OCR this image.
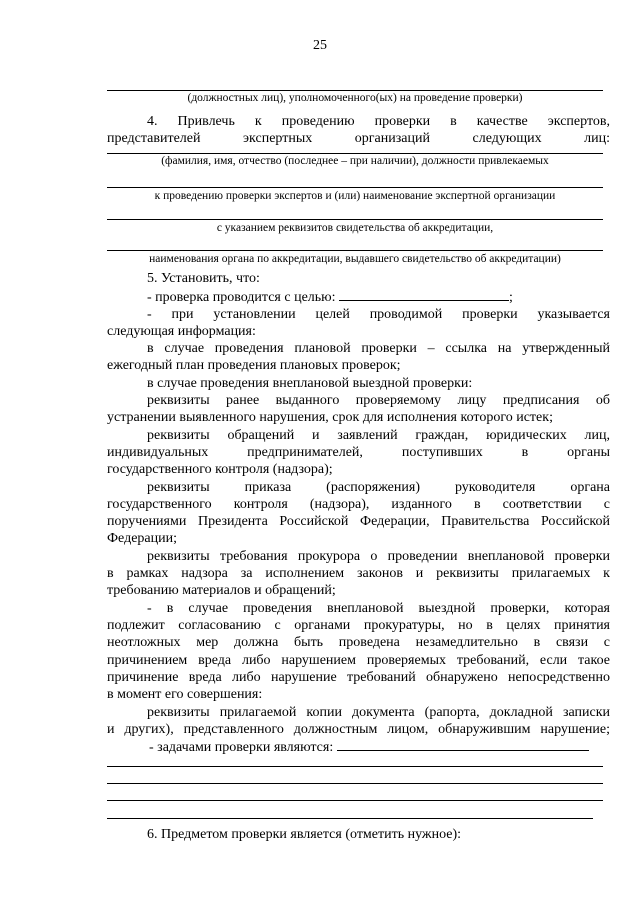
25
(должностных лиц), уполномоченного(ых) на проведение проверки)
4. Привлечь к проведению проверки в качестве экспертов,
представителей экспертных организаций следующих лиц:
(фамилия, имя, отчество (последнее – при наличии), должности привлекаемых
к проведению проверки экспертов и (или) наименование экспертной организации
с указанием реквизитов свидетельства об аккредитации,
наименования органа по аккредитации, выдавшего свидетельство об аккредитации)
5. Установить, что:
- проверка проводится с целью:	;
- при установлении целей проводимой проверки указывается
следующая информация:
в случае проведения плановой проверки – ссылка на утвержденный
ежегодный план проведения плановых проверок;
в случае проведения внеплановой выездной проверки:
реквизиты ранее выданного проверяемому лицу предписания об
устранении выявленного нарушения, срок для исполнения которого истек;
реквизиты обращений и заявлений граждан, юридических лиц,
индивидуальных предпринимателей, поступивших в органы
государственного контроля (надзора);
реквизиты приказа (распоряжения) руководителя органа
государственного контроля (надзора), изданного в соответствии с
поручениями Президента Российской Федерации, Правительства Российской
Федерации;
реквизиты требования прокурора о проведении внеплановой проверки
в рамках надзора за исполнением законов и реквизиты прилагаемых к
требованию материалов и обращений;
- в случае проведения внеплановой выездной проверки, которая
подлежит согласованию с органами прокуратуры, но в целях принятия
неотложных мер должна быть проведена незамедлительно в связи с
причинением вреда либо нарушением проверяемых требований, если такое
причинение вреда либо нарушение требований обнаружено непосредственно
в момент его совершения:
реквизиты прилагаемой копии документа (рапорта, докладной записки
и других), представленного должностным лицом, обнаружившим нарушение;
- задачами проверки являются:
6. Предметом проверки является (отметить нужное):
